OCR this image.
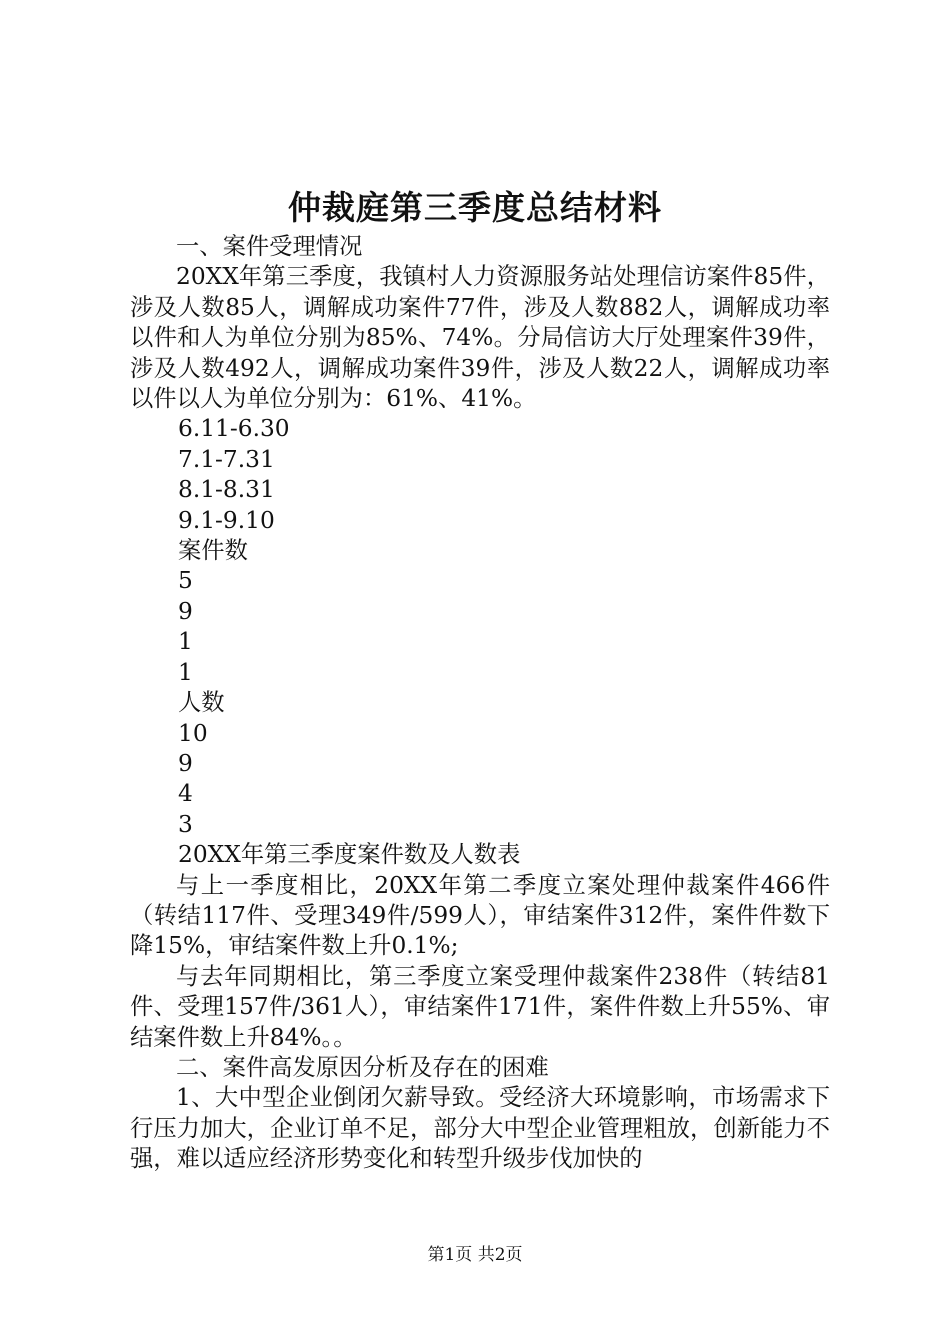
仲裁庭第三季度总结材料

一、案件受理情况

20XX年第三季度，我镇村人力资源服务站处理信访案件85件，涉及人数85人，调解成功案件77件，涉及人数882人，调解成功率以件和人为单位分别为85%、74%。分局信访大厅处理案件39件，涉及人数492人，调解成功案件39件，涉及人数22人，调解成功率以件以人为单位分别为：61%、41%。

6.11-6.30

7.1-7.31

8.1-8.31

9.1-9.10

案件数

5

9

1

1

人数

10

9

4

3

20XX年第三季度案件数及人数表

与上一季度相比，20XX年第二季度立案处理仲裁案件466件（转结117件、受理349件/599人），审结案件312件，案件件数下降15%，审结案件数上升0.1%;

与去年同期相比，第三季度立案受理仲裁案件238件（转结81件、受理157件/361人），审结案件171件，案件件数上升55%、审结案件数上升84%。。

二、案件高发原因分析及存在的困难

1、大中型企业倒闭欠薪导致。受经济大环境影响，市场需求下行压力加大，企业订单不足，部分大中型企业管理粗放，创新能力不强，难以适应经济形势变化和转型升级步伐加快的

第1页 共2页
